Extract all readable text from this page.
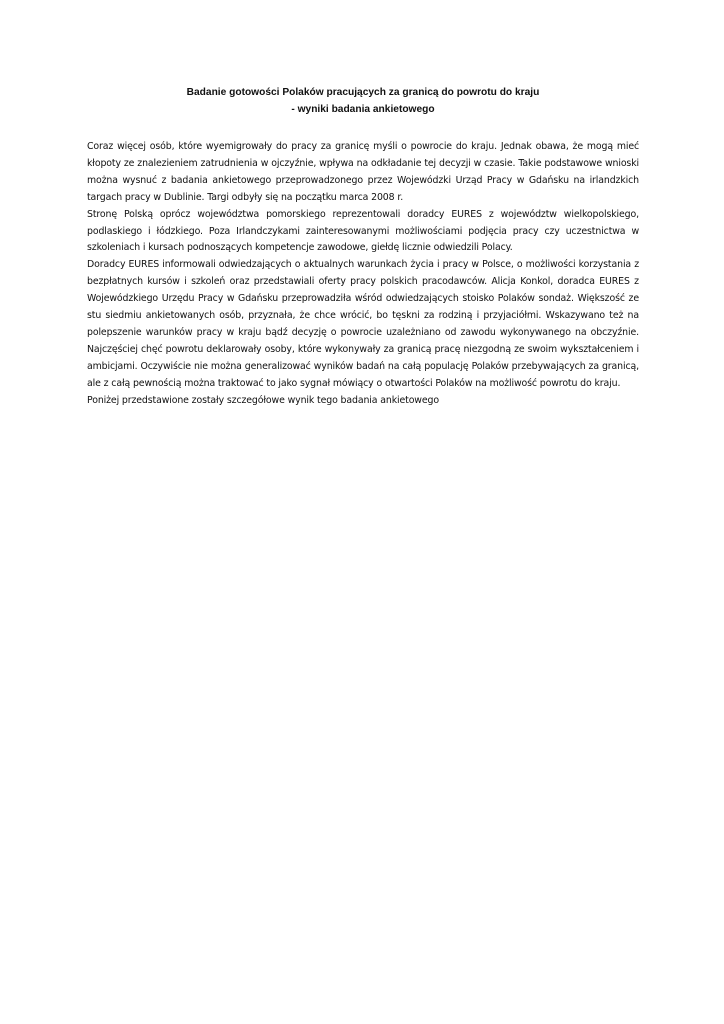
Badanie gotowości Polaków pracujących za granicą do powrotu do kraju
- wyniki badania ankietowego

Coraz więcej osób, które wyemigrowały do pracy za granicę myśli o powrocie do kraju. Jednak obawa, że mogą mieć kłopoty ze znalezieniem zatrudnienia w ojczyźnie, wpływa na odkładanie tej decyzji w czasie. Takie podstawowe wnioski można wysnuć z badania ankietowego przeprowadzonego przez Wojewódzki Urząd Pracy w Gdańsku na irlandzkich targach pracy w Dublinie. Targi odbyły się na początku marca 2008 r.

Stronę Polską oprócz województwa pomorskiego reprezentowali doradcy EURES z województw wielkopolskiego, podlaskiego i łódzkiego. Poza Irlandczykami zainteresowanymi możliwościami podjęcia pracy czy uczestnictwa w szkoleniach i kursach podnoszących kompetencje zawodowe, giełdę licznie odwiedzili Polacy.

Doradcy EURES informowali odwiedzających o aktualnych warunkach życia i pracy w Polsce, o możliwości korzystania z bezpłatnych kursów i szkoleń oraz przedstawiali oferty pracy polskich pracodawców. Alicja Konkol, doradca EURES z Wojewódzkiego Urzędu Pracy w Gdańsku przeprowadziła wśród odwiedzających stoisko Polaków sondaż. Większość ze stu siedmiu ankietowanych osób, przyznała, że chce wrócić, bo tęskni za rodziną i przyjaciółmi. Wskazywano też na polepszenie warunków pracy w kraju bądź decyzję o powrocie uzależniano od zawodu wykonywanego na obczyźnie. Najczęściej chęć powrotu deklarowały osoby, które wykonywały za granicą pracę niezgodną ze swoim wykształceniem i ambicjami. Oczywiście nie można generalizować wyników badań na całą populację Polaków przebywających za granicą, ale z całą pewnością można traktować to jako sygnał mówiący o otwartości Polaków na możliwość powrotu do kraju.

Poniżej przedstawione zostały szczegółowe wynik tego badania ankietowego
